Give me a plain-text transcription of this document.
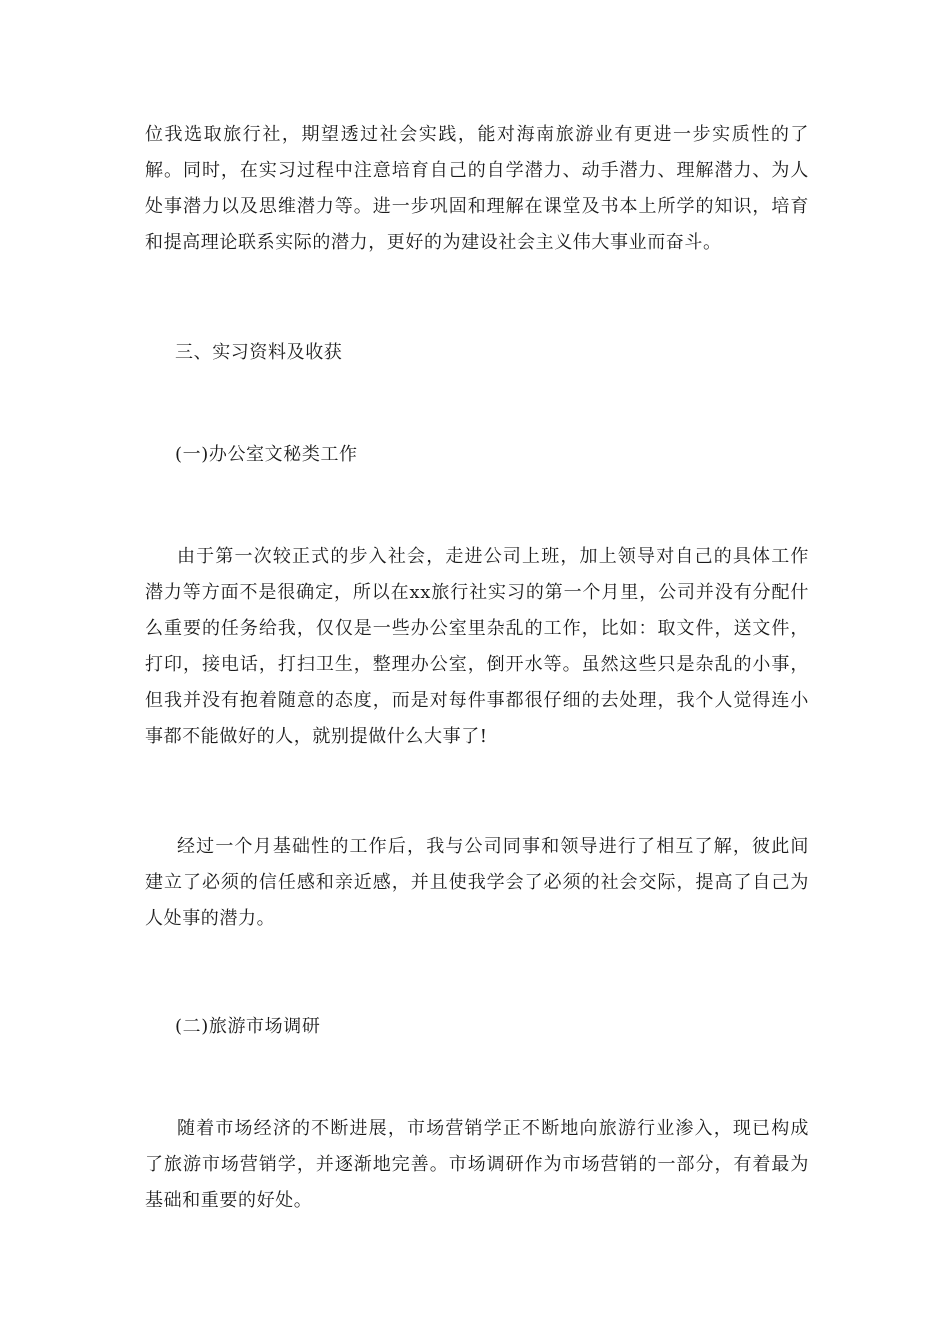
位我选取旅行社，期望透过社会实践，能对海南旅游业有更进一步实质性的了解。同时，在实习过程中注意培育自己的自学潜力、动手潜力、理解潜力、为人处事潜力以及思维潜力等。进一步巩固和理解在课堂及书本上所学的知识，培育和提高理论联系实际的潜力，更好的为建设社会主义伟大事业而奋斗。

三、实习资料及收获

(一)办公室文秘类工作

由于第一次较正式的步入社会，走进公司上班，加上领导对自己的具体工作潜力等方面不是很确定，所以在xx旅行社实习的第一个月里，公司并没有分配什么重要的任务给我，仅仅是一些办公室里杂乱的工作，比如：取文件，送文件，打印，接电话，打扫卫生，整理办公室，倒开水等。虽然这些只是杂乱的小事，但我并没有抱着随意的态度，而是对每件事都很仔细的去处理，我个人觉得连小事都不能做好的人，就别提做什么大事了!

经过一个月基础性的工作后，我与公司同事和领导进行了相互了解，彼此间建立了必须的信任感和亲近感，并且使我学会了必须的社会交际，提高了自己为人处事的潜力。

(二)旅游市场调研

随着市场经济的不断进展，市场营销学正不断地向旅游行业渗入，现已构成了旅游市场营销学，并逐渐地完善。市场调研作为市场营销的一部分，有着最为基础和重要的好处。
